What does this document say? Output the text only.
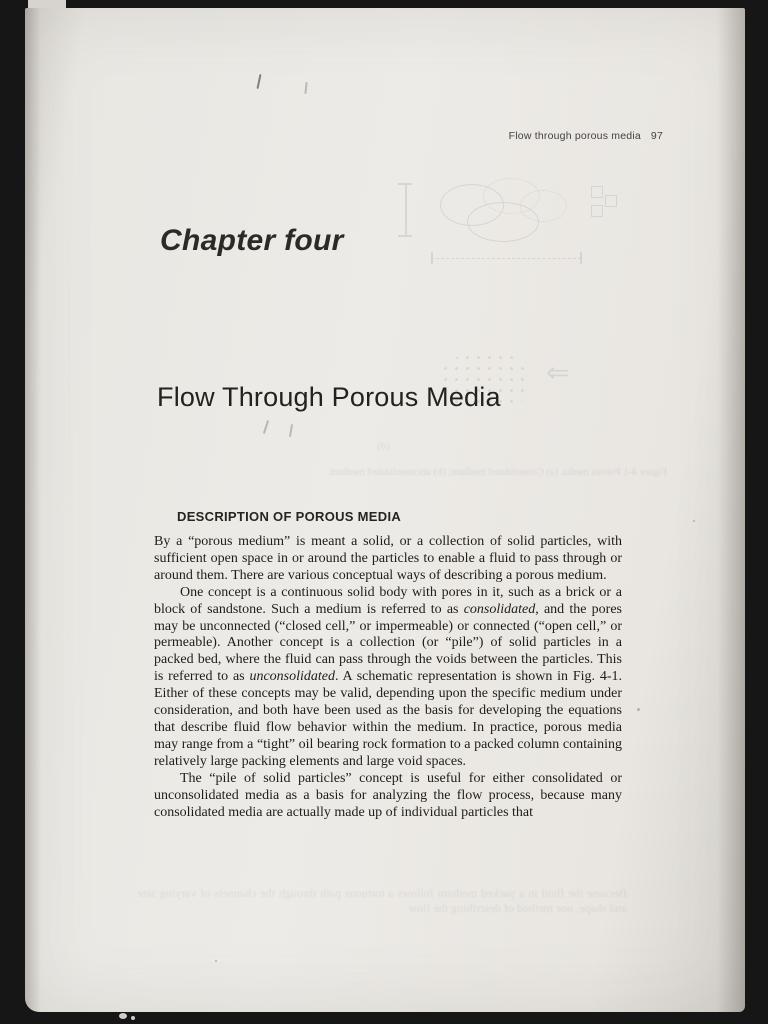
Flow through porous media 97
Chapter four
Flow Through Porous Media
DESCRIPTION OF POROUS MEDIA

By a “porous medium” is meant a solid, or a collection of solid particles, with sufficient open space in or around the particles to enable a fluid to pass through or around them. There are various conceptual ways of describing a porous medium.

One concept is a continuous solid body with pores in it, such as a brick or a block of sandstone. Such a medium is referred to as consolidated, and the pores may be unconnected (“closed cell,” or impermeable) or connected (“open cell,” or permeable). Another concept is a collection (or “pile”) of solid particles in a packed bed, where the fluid can pass through the voids between the particles. This is referred to as unconsolidated. A schematic representation is shown in Fig. 4-1. Either of these concepts may be valid, depending upon the specific medium under consideration, and both have been used as the basis for developing the equations that describe fluid flow behavior within the medium. In practice, porous media may range from a “tight” oil bearing rock formation to a packed column containing relatively large packing elements and large void spaces.

The “pile of solid particles” concept is useful for either consolidated or unconsolidated media as a basis for analyzing the flow process, because many consolidated media are actually made up of individual particles that

⇐
(b)
Figure 4-1 Porous media. (a) Consolidated medium; (b) unconsolidated medium.
Because the fluid in a packed medium follows a tortuous path through the channels of varying size and shape, one method of describing the flow
